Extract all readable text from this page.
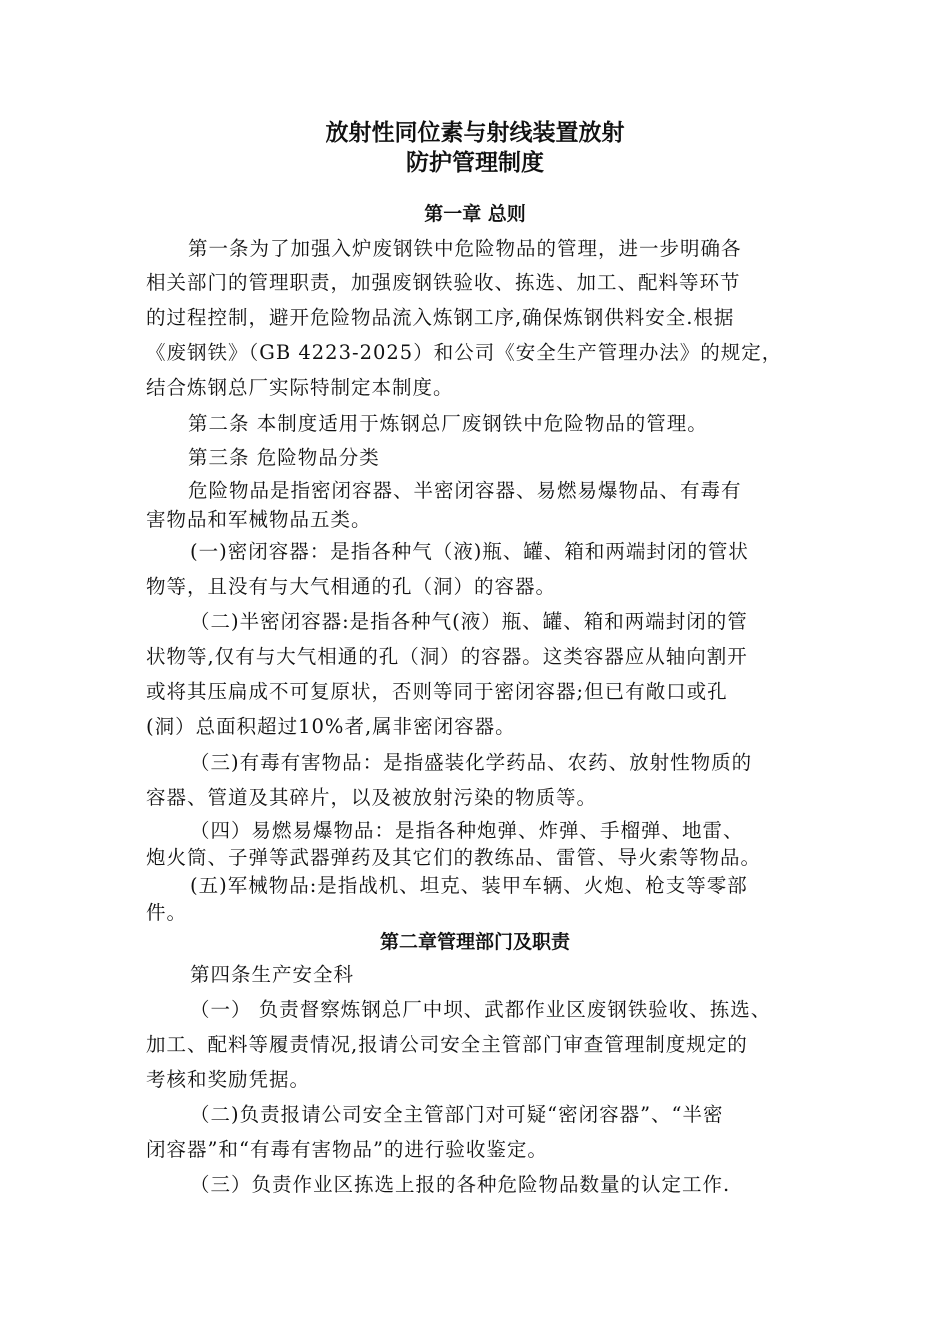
放射性同位素与射线装置放射
防护管理制度
第一章 总则
第一条为了加强入炉废钢铁中危险物品的管理，进一步明确各
相关部门的管理职责，加强废钢铁验收、拣选、加工、配料等环节
的过程控制，避开危险物品流入炼钢工序,确保炼钢供料安全.根据
《废钢铁》（GB 4223-2025）和公司《安全生产管理办法》的规定，
结合炼钢总厂实际特制定本制度。
第二条 本制度适用于炼钢总厂废钢铁中危险物品的管理。
第三条 危险物品分类
危险物品是指密闭容器、半密闭容器、易燃易爆物品、有毒有
害物品和军械物品五类。
(一)密闭容器：是指各种气（液)瓶、罐、箱和两端封闭的管状
物等，且没有与大气相通的孔（洞）的容器。
（二)半密闭容器:是指各种气(液）瓶、罐、箱和两端封闭的管
状物等,仅有与大气相通的孔（洞）的容器。这类容器应从轴向割开
或将其压扁成不可复原状，否则等同于密闭容器;但已有敞口或孔
(洞）总面积超过10%者,属非密闭容器。
（三)有毒有害物品：是指盛装化学药品、农药、放射性物质的
容器、管道及其碎片，以及被放射污染的物质等。
（四）易燃易爆物品：是指各种炮弹、炸弹、手榴弹、地雷、
炮火筒、子弹等武器弹药及其它们的教练品、雷管、导火索等物品。
(五)军械物品:是指战机、坦克、装甲车辆、火炮、枪支等零部
件。
第二章管理部门及职责
第四条生产安全科
（一） 负责督察炼钢总厂中坝、武都作业区废钢铁验收、拣选、
加工、配料等履责情况,报请公司安全主管部门审查管理制度规定的
考核和奖励凭据。
（二)负责报请公司安全主管部门对可疑“密闭容器”、“半密
闭容器”和“有毒有害物品”的进行验收鉴定。
（三）负责作业区拣选上报的各种危险物品数量的认定工作.
